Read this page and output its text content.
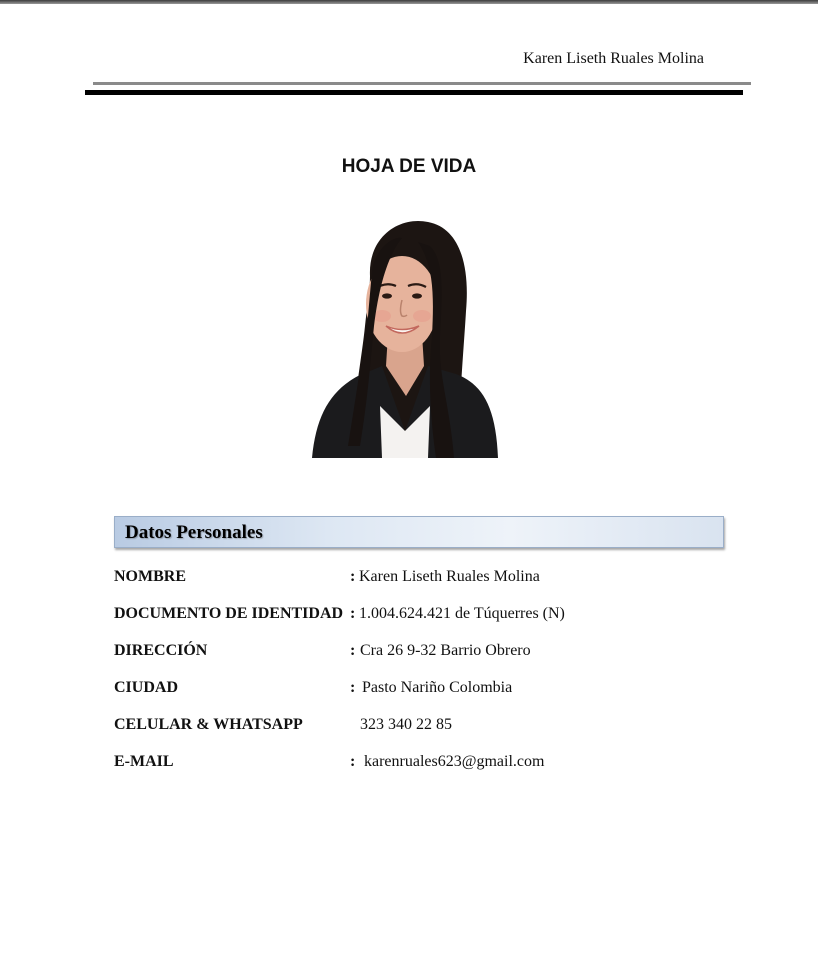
Karen Liseth Ruales Molina
HOJA DE VIDA
Datos Personales
NOMBRE	: Karen Liseth Ruales Molina
DOCUMENTO DE IDENTIDAD : 1.004.624.421 de Túquerres (N)
DIRECCIÓN	: Cra 26 9-32 Barrio Obrero
CIUDAD	: Pasto Nariño Colombia
CELULAR & WHATSAPP	323 340 22 85
E-MAIL	: karenruales623@gmail.com
